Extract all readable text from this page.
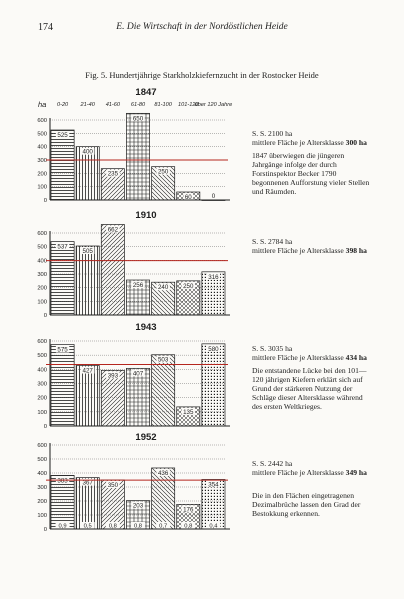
174	E. Die Wirtschaft in der Nordöstlichen Heide
Fig. 5. Hundertjährige Starkholzkiefernzucht in der Rostocker Heide
1847
ha 0-20 21-40 41-60 61-80 81-100 101-120
über 120 Jahre
0
100
200
300
400
500
600
525
400
235
650
250
60	0
1910
0
100
200
300
400
500
600
537
505
662
256 240 250
316
1943
0
100
200
300
400
500
600
575
427
393 407
503
135
580
1952
0
100
200
300
400
500
600
383
0,9
367
0,5
350
0,8
203
0,8
436
0,7
176
0,8
354
0,4

S. S. 2100 ha
mittlere Fläche je Altersklasse 300 ha

1847 überwiegen die jüngeren Jahrgänge infolge der durch Forstinspektor Becker 1790 begonnenen Aufforstung vieler Stellen und Räumden.

S. S. 2784 ha
mittlere Fläche je Altersklasse 398 ha

S. S. 3035 ha
mittlere Fläche je Altersklasse 434 ha

Die entstandene Lücke bei den 101—120 jährigen Kiefern erklärt sich auf Grund der stärkeren Nutzung der Schläge dieser Altersklasse während des ersten Weltkrieges.

S. S. 2442 ha
mittlere Fläche je Altersklasse 349 ha

Die in den Flächen eingetragenen Dezimalbrüche lassen den Grad der Bestokkung erkennen.
